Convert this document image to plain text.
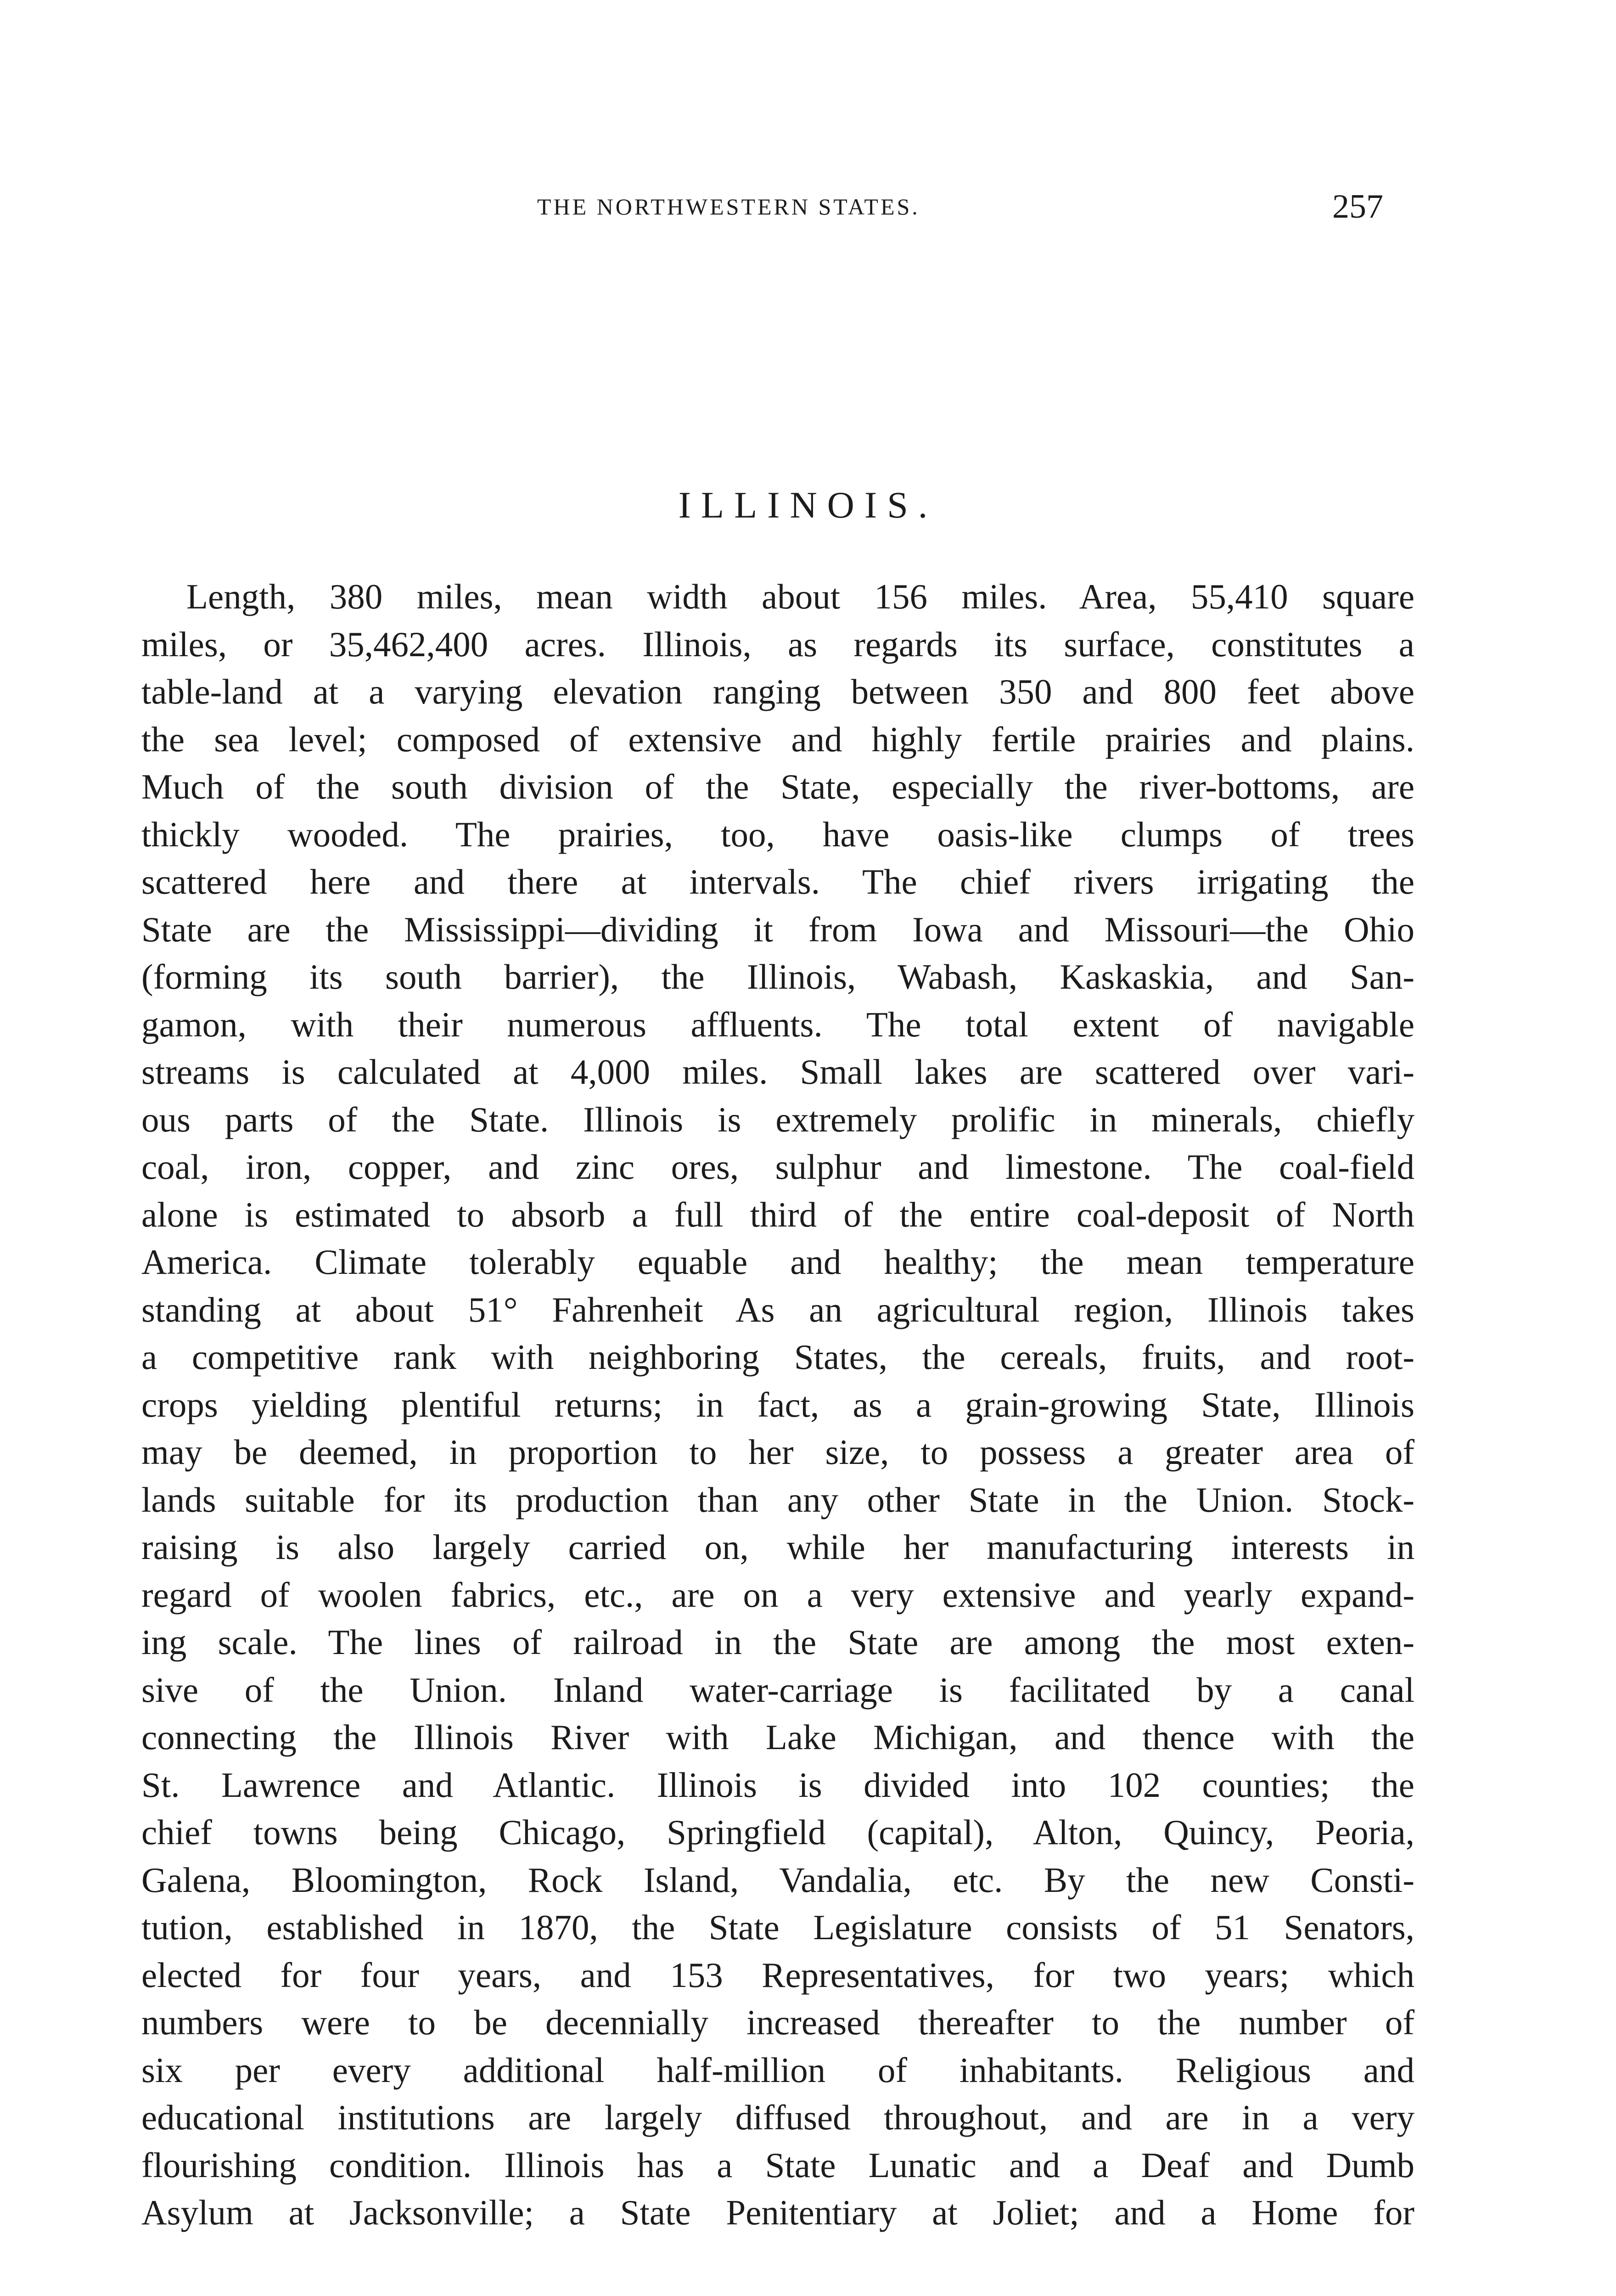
THE NORTHWESTERN STATES.	257
ILLINOIS.
Length, 380 miles, mean width about 156 miles. Area, 55,410 square
miles, or 35,462,400 acres. Illinois, as regards its surface, constitutes a
table-land at a varying elevation ranging between 350 and 800 feet above
the sea level; composed of extensive and highly fertile prairies and plains.
Much of the south division of the State, especially the river-bottoms, are
thickly wooded. The prairies, too, have oasis-like clumps of trees
scattered here and there at intervals. The chief rivers irrigating the
State are the Mississippi—dividing it from Iowa and Missouri—the Ohio
(forming its south barrier), the Illinois, Wabash, Kaskaskia, and San-
gamon, with their numerous affluents. The total extent of navigable
streams is calculated at 4,000 miles. Small lakes are scattered over vari-
ous parts of the State. Illinois is extremely prolific in minerals, chiefly
coal, iron, copper, and zinc ores, sulphur and limestone. The coal-field
alone is estimated to absorb a full third of the entire coal-deposit of North
America. Climate tolerably equable and healthy; the mean temperature
standing at about 51° Fahrenheit As an agricultural region, Illinois takes
a competitive rank with neighboring States, the cereals, fruits, and root-
crops yielding plentiful returns; in fact, as a grain-growing State, Illinois
may be deemed, in proportion to her size, to possess a greater area of
lands suitable for its production than any other State in the Union. Stock-
raising is also largely carried on, while her manufacturing interests in
regard of woolen fabrics, etc., are on a very extensive and yearly expand-
ing scale. The lines of railroad in the State are among the most exten-
sive of the Union. Inland water-carriage is facilitated by a canal
connecting the Illinois River with Lake Michigan, and thence with the
St. Lawrence and Atlantic. Illinois is divided into 102 counties; the
chief towns being Chicago, Springfield (capital), Alton, Quincy, Peoria,
Galena, Bloomington, Rock Island, Vandalia, etc. By the new Consti-
tution, established in 1870, the State Legislature consists of 51 Senators,
elected for four years, and 153 Representatives, for two years; which
numbers were to be decennially increased thereafter to the number of
six per every additional half-million of inhabitants. Religious and
educational institutions are largely diffused throughout, and are in a very
flourishing condition. Illinois has a State Lunatic and a Deaf and Dumb
Asylum at Jacksonville; a State Penitentiary at Joliet; and a Home for
